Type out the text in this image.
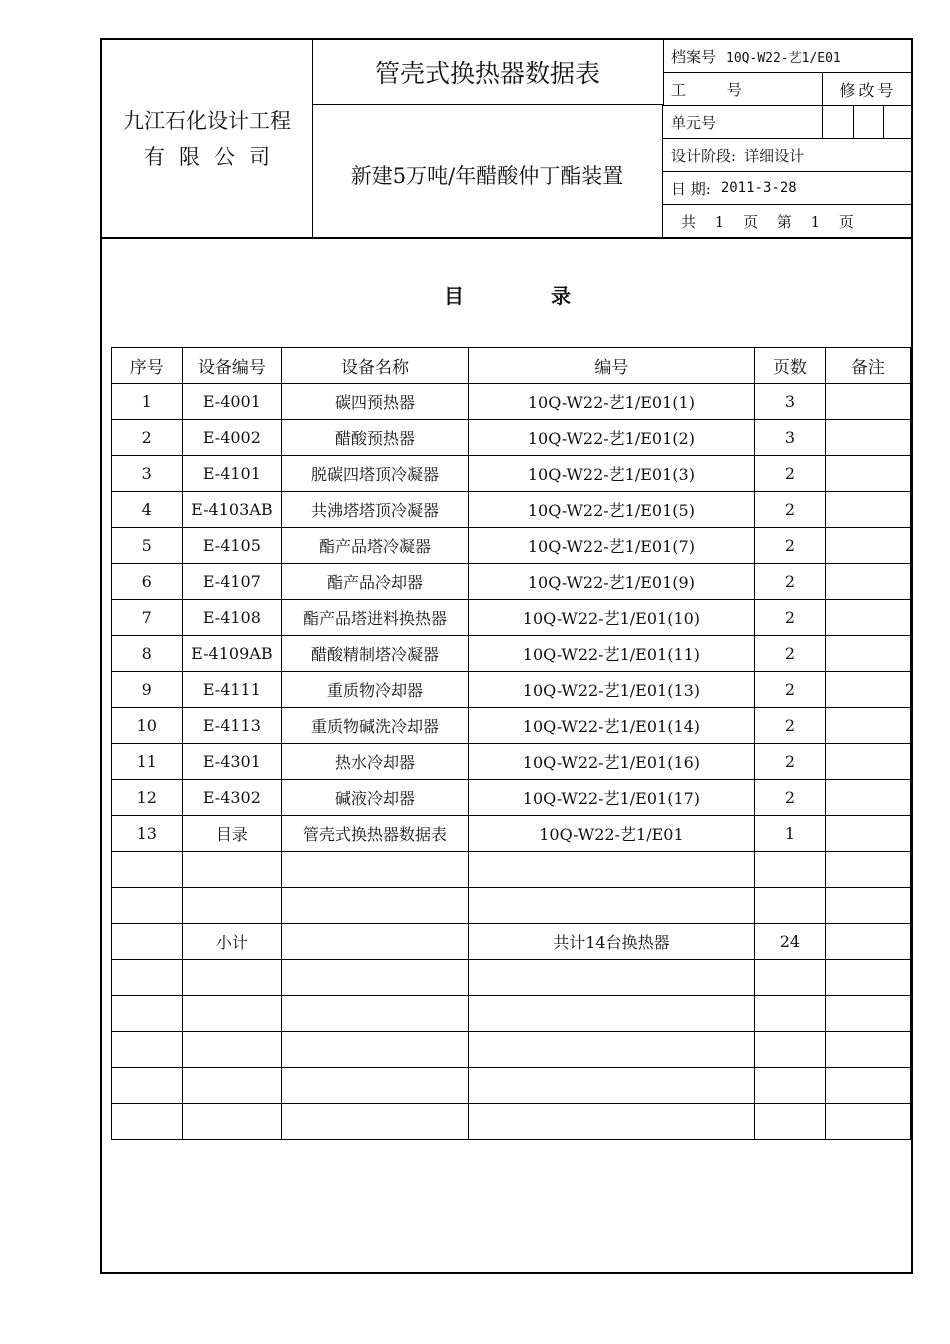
九江石化设计工程
有限公司
管壳式换热器数据表
新建5万吨/年醋酸仲丁酯装置
档案号 10Q-W22-艺1/E01
工 号	修改号
单元号
设计阶段: 详细设计
日 期: 2011-3-28
共 1 页 第 1 页
目 录
序号	设备编号	设备名称	编号	页数	备注
1	E-4001	碳四预热器	10Q-W22-艺1/E01(1)	3	
2	E-4002	醋酸预热器	10Q-W22-艺1/E01(2)	3	
3	E-4101	脱碳四塔顶冷凝器	10Q-W22-艺1/E01(3)	2	
4	E-4103AB	共沸塔塔顶冷凝器	10Q-W22-艺1/E01(5)	2	
5	E-4105	酯产品塔冷凝器	10Q-W22-艺1/E01(7)	2	
6	E-4107	酯产品冷却器	10Q-W22-艺1/E01(9)	2	
7	E-4108	酯产品塔进料换热器	10Q-W22-艺1/E01(10)	2	
8	E-4109AB	醋酸精制塔冷凝器	10Q-W22-艺1/E01(11)	2	
9	E-4111	重质物冷却器	10Q-W22-艺1/E01(13)	2	
10	E-4113	重质物碱洗冷却器	10Q-W22-艺1/E01(14)	2	
11	E-4301	热水冷却器	10Q-W22-艺1/E01(16)	2	
12	E-4302	碱液冷却器	10Q-W22-艺1/E01(17)	2	
13	目录	管壳式换热器数据表	10Q-W22-艺1/E01	1	

	小计		共计14台换热器	24	
